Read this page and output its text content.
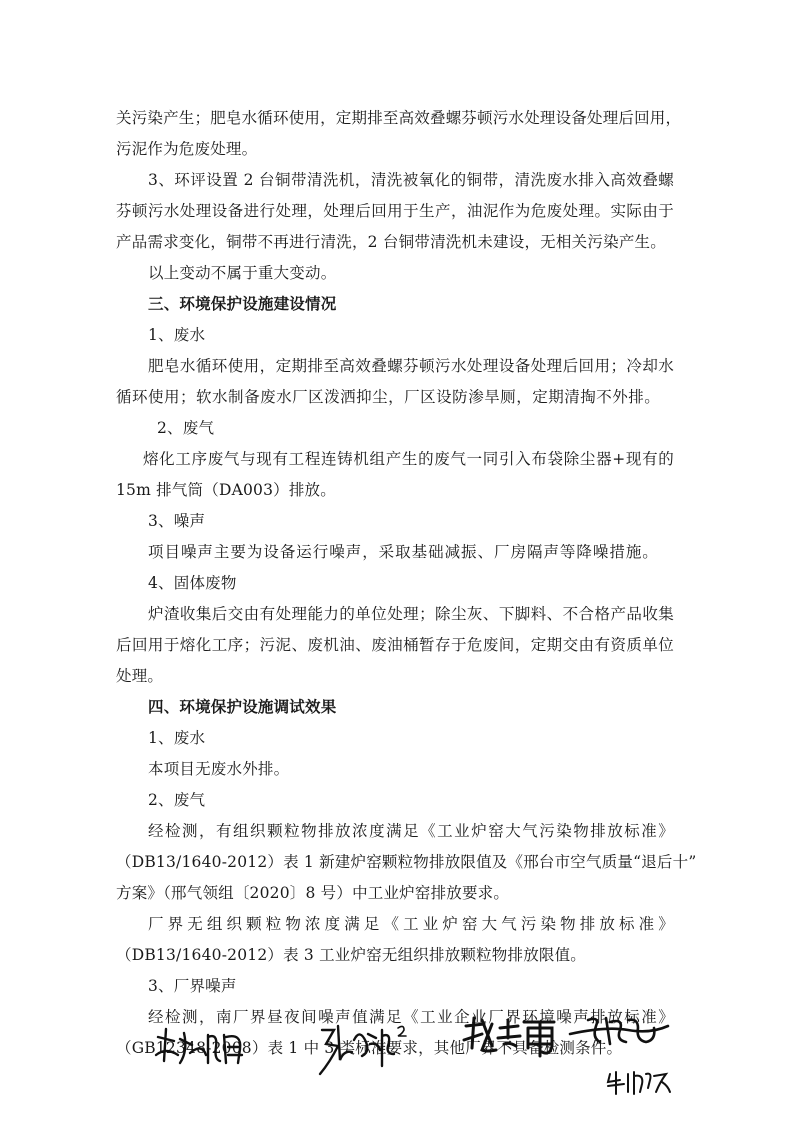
关污染产生；肥皂水循环使用，定期排至高效叠螺芬顿污水处理设备处理后回用，
污泥作为危废处理。
3、环评设置 2 台铜带清洗机，清洗被氧化的铜带，清洗废水排入高效叠螺
芬顿污水处理设备进行处理，处理后回用于生产，油泥作为危废处理。实际由于
产品需求变化，铜带不再进行清洗，2 台铜带清洗机未建设，无相关污染产生。
以上变动不属于重大变动。
三、环境保护设施建设情况
1、废水
肥皂水循环使用，定期排至高效叠螺芬顿污水处理设备处理后回用；冷却水
循环使用；软水制备废水厂区泼洒抑尘，厂区设防渗旱厕，定期清掏不外排。
2、废气
熔化工序废气与现有工程连铸机组产生的废气一同引入布袋除尘器+现有的
15m 排气筒（DA003）排放。
3、噪声
项目噪声主要为设备运行噪声，采取基础减振、厂房隔声等降噪措施。
4、固体废物
炉渣收集后交由有处理能力的单位处理；除尘灰、下脚料、不合格产品收集
后回用于熔化工序；污泥、废机油、废油桶暂存于危废间，定期交由有资质单位
处理。
四、环境保护设施调试效果
1、废水
本项目无废水外排。
2、废气
经检测，有组织颗粒物排放浓度满足《工业炉窑大气污染物排放标准》
（DB13/1640-2012）表 1 新建炉窑颗粒物排放限值及《邢台市空气质量“退后十”
方案》（邢气领组〔2020〕8 号）中工业炉窑排放要求。
厂界无组织颗粒物浓度满足《工业炉窑大气污染物排放标准》
（DB13/1640-2012）表 3 工业炉窑无组织排放颗粒物排放限值。
3、厂界噪声
经检测，南厂界昼夜间噪声值满足《工业企业厂界环境噪声排放标准》
（GB12348-2008）表 1 中 3 类标准要求，其他厂界不具备检测条件。
